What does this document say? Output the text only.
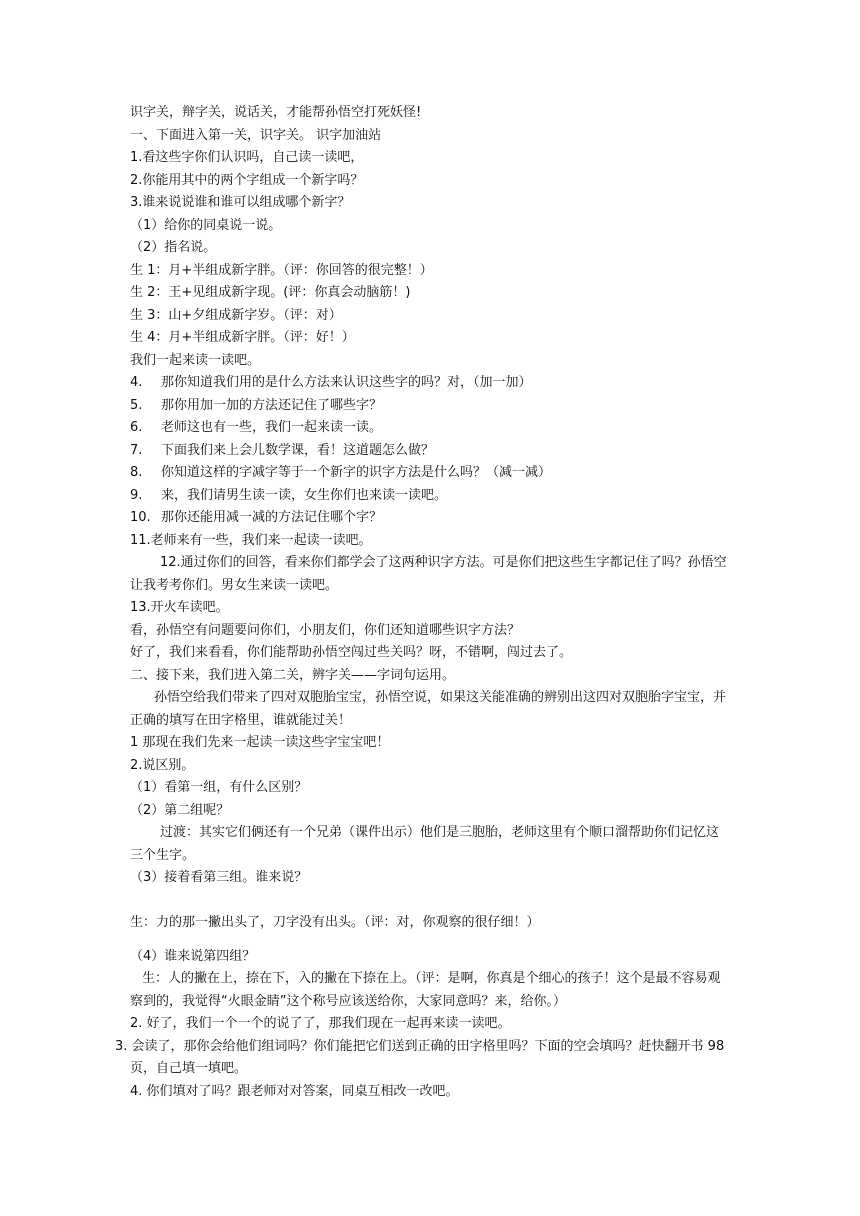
识字关，辩字关，说话关，才能帮孙悟空打死妖怪!

一、下面进入第一关，识字关。 识字加油站

1.看这些字你们认识吗，自己读一读吧，

2.你能用其中的两个字组成一个新字吗？

3.谁来说说谁和谁可以组成哪个新字？

（1）给你的同桌说一说。

（2）指名说。

生 1：月+半组成新字胖。（评：你回答的很完整！）

生 2：王+见组成新字现。(评：你真会动脑筋！)

生 3：山+夕组成新字岁。（评：对）

生 4：月+半组成新字胖。（评：好！）

我们一起来读一读吧。

4. 那你知道我们用的是什么方法来认识这些字的吗？对，（加一加）

5. 那你用加一加的方法还记住了哪些字？

6. 老师这也有一些，我们一起来读一读。

7. 下面我们来上会儿数学课，看！这道题怎么做？

8. 你知道这样的字减字等于一个新字的识字方法是什么吗？（减一减）

9. 来，我们请男生读一读，女生你们也来读一读吧。

10. 那你还能用减一减的方法记住哪个字？

11.老师来有一些，我们来一起读一读吧。

12.通过你们的回答，看来你们都学会了这两种识字方法。可是你们把这些生字都记住了吗？孙悟空让我考考你们。男女生来读一读吧。

13.开火车读吧。

看，孙悟空有问题要问你们，小朋友们，你们还知道哪些识字方法？

好了，我们来看看，你们能帮助孙悟空闯过些关吗？呀，不错啊，闯过去了。

二、接下来，我们进入第二关，辨字关——字词句运用。

孙悟空给我们带来了四对双胞胎宝宝，孙悟空说，如果这关能准确的辨别出这四对双胞胎字宝宝，并正确的填写在田字格里，谁就能过关！

1 那现在我们先来一起读一读这些字宝宝吧！

2.说区别。

（1）看第一组，有什么区别？

（2）第二组呢？

过渡：其实它们俩还有一个兄弟（课件出示）他们是三胞胎，老师这里有个顺口溜帮助你们记忆这三个生字。

（3）接着看第三组。谁来说？

生：力的那一撇出头了，刀字没有出头。（评：对，你观察的很仔细！）

（4）谁来说第四组？

生：人的撇在上，捺在下，入的撇在下捺在上。（评：是啊，你真是个细心的孩子！这个是最不容易观察到的，我觉得“火眼金睛”这个称号应该送给你，大家同意吗？来，给你。）

2. 好了，我们一个一个的说了了，那我们现在一起再来读一读吧。

3. 会读了，那你会给他们组词吗？你们能把它们送到正确的田字格里吗？下面的空会填吗？赶快翻开书 98 页，自己填一填吧。

4. 你们填对了吗？跟老师对对答案，同桌互相改一改吧。
